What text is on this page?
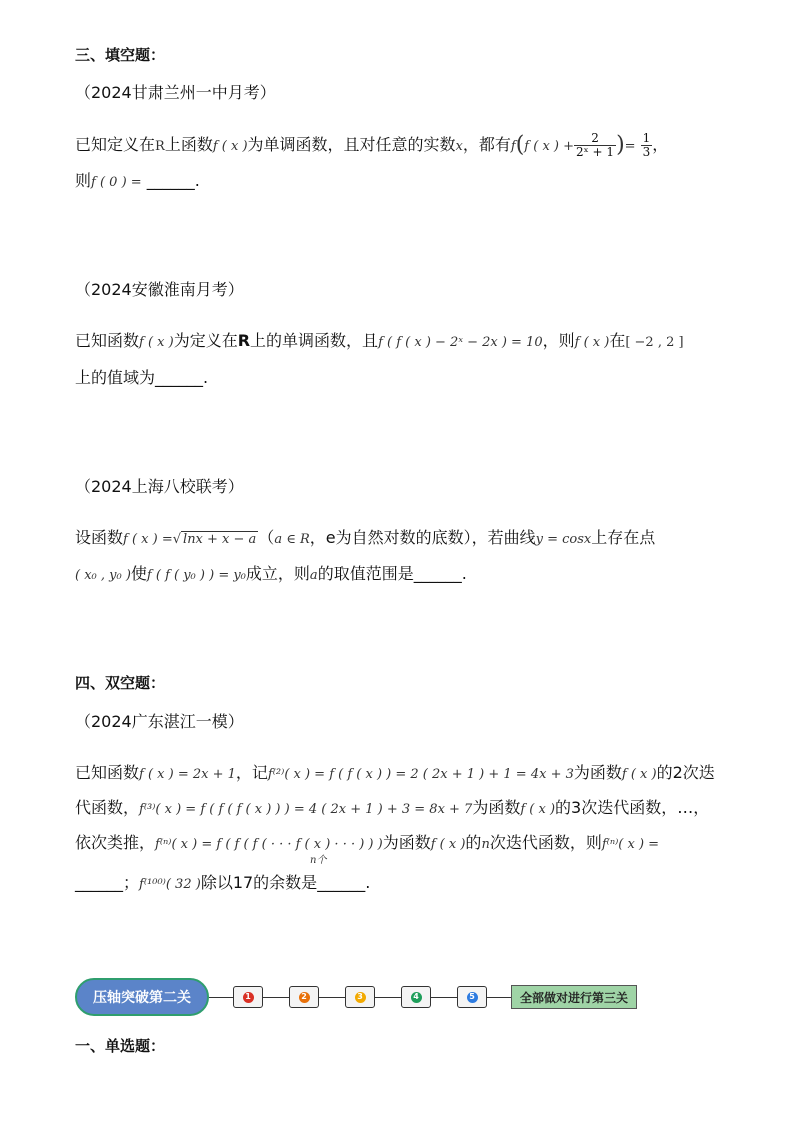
三、填空题：
（2024甘肃兰州一中月考）
已知定义在R上函数f ( x )为单调函数，且对任意的实数x，都有f(f ( x ) + $\frac{2}{\text{2ˣ + 1}}$ )= $\frac{1}{3}$ ，
则f ( 0 ) = ______.
（2024安徽淮南月考）
已知函数f ( x )为定义在R上的单调函数，且f ( f ( x ) − 2ˣ − 2x ) = 10，则f ( x )在[ −2 , 2 ]
上的值域为______.
（2024上海八校联考）
设函数f ( x ) =√ lnx + x − a （a ∈ R，e为自然对数的底数），若曲线y = cosx上存在点
( x₀ , y₀ )使f ( f ( y₀ ) ) = y₀成立，则a的取值范围是______.
四、双空题：
（2024广东湛江一模）
已知函数f ( x ) = 2x + 1，记f⁽²⁾( x ) = f ( f ( x ) ) = 2 ( 2x + 1 ) + 1 = 4x + 3为函数f ( x )的2次迭
代函数，f⁽³⁾( x ) = f ( f ( f ( x ) ) ) = 4 ( 2x + 1 ) + 3 = 8x + 7为函数f ( x )的3次迭代函数，…，
依次类推，f⁽ⁿ⁾( x ) = f ( f ( f ( · · · f ( x ) · · · ) ) )为函数f ( x )的n次迭代函数，则f⁽ⁿ⁾( x ) =
n个
______；f⁽¹⁰⁰⁾( 32 )除以17的余数是______.
压轴突破第二关	1	2	3	4	5	全部做对进行第三关
一、单选题：
